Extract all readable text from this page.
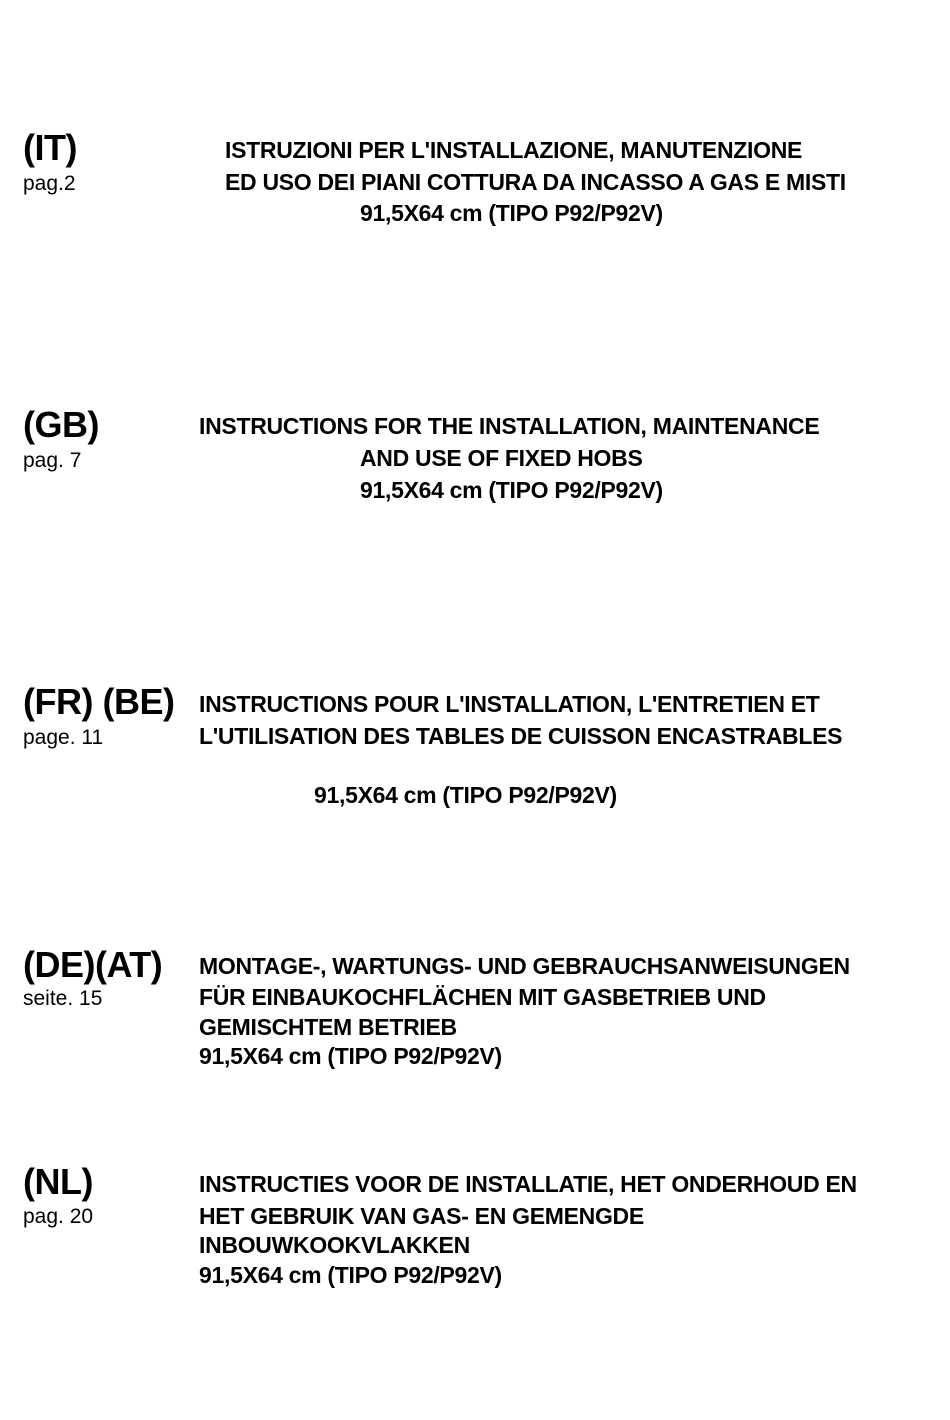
(IT)
pag.2
ISTRUZIONI PER L'INSTALLAZIONE, MANUTENZIONE
ED USO DEI PIANI COTTURA DA INCASSO A GAS E MISTI
91,5X64 cm (TIPO P92/P92V)
(GB)
pag. 7
INSTRUCTIONS FOR THE INSTALLATION, MAINTENANCE
AND USE OF FIXED HOBS
91,5X64 cm (TIPO P92/P92V)
(FR) (BE)
page. 11
INSTRUCTIONS POUR L'INSTALLATION, L'ENTRETIEN ET
L'UTILISATION DES TABLES DE CUISSON ENCASTRABLES
91,5X64 cm (TIPO P92/P92V)
(DE)(AT)
seite. 15
MONTAGE-, WARTUNGS- UND GEBRAUCHSANWEISUNGEN
FÜR EINBAUKOCHFLÄCHEN MIT GASBETRIEB UND
GEMISCHTEM BETRIEB
91,5X64 cm (TIPO P92/P92V)
(NL)
pag. 20
INSTRUCTIES VOOR DE INSTALLATIE, HET ONDERHOUD EN
HET GEBRUIK VAN GAS- EN GEMENGDE
INBOUWKOOKVLAKKEN
91,5X64 cm (TIPO P92/P92V)
